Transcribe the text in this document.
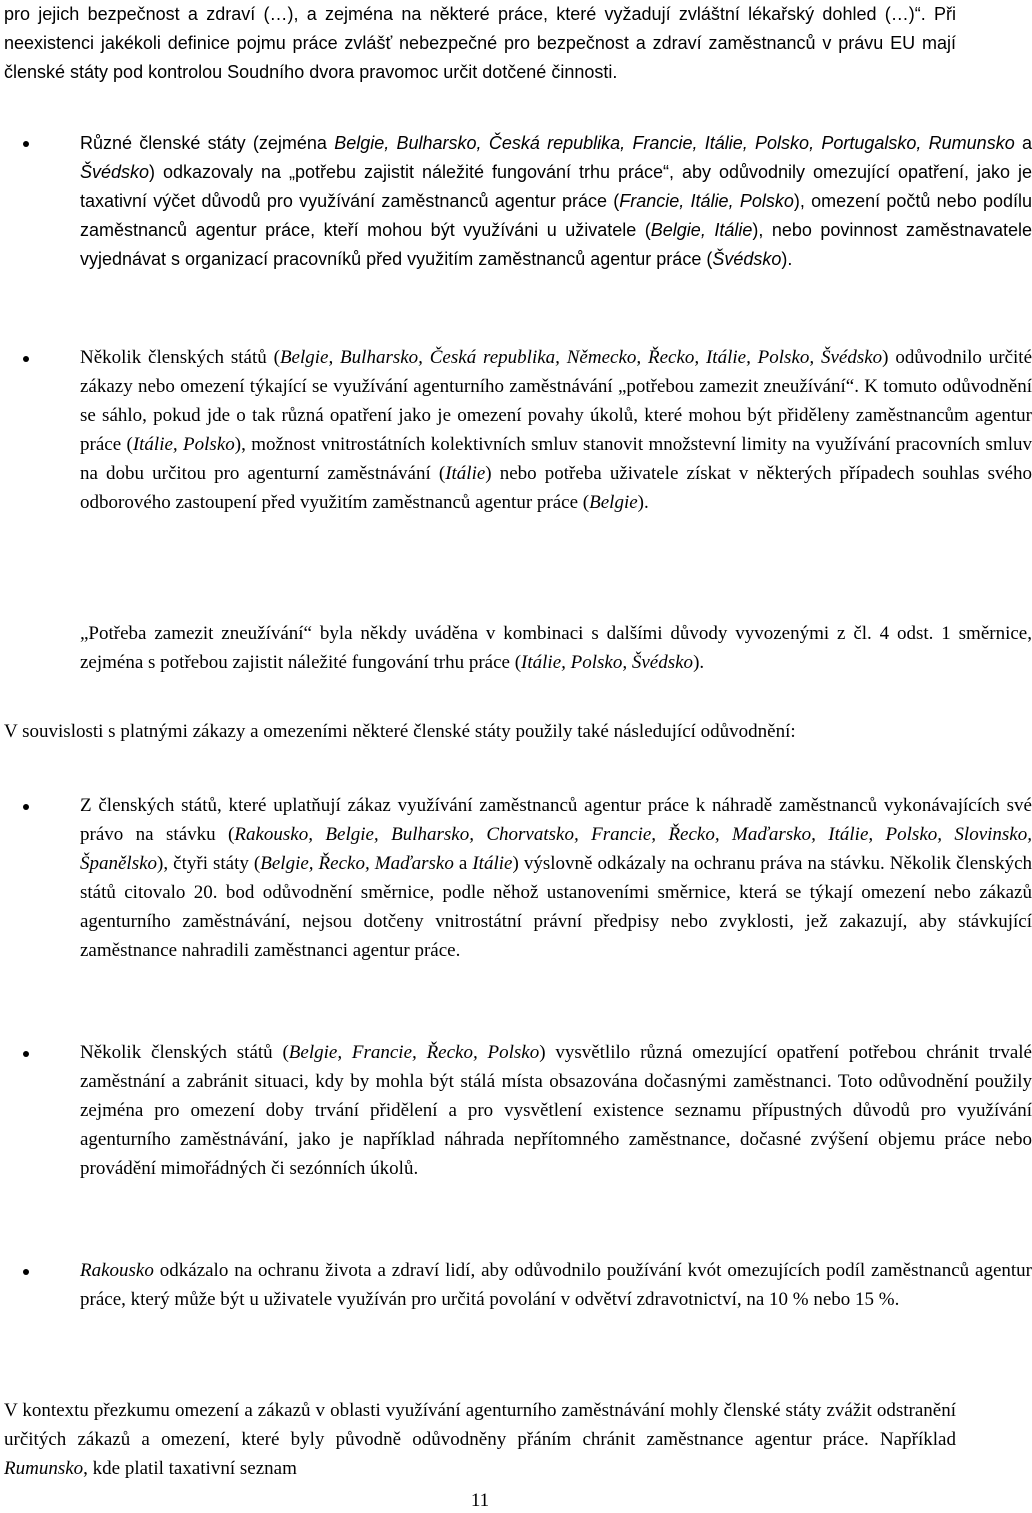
pro jejich bezpečnost a zdraví (…), a zejména na některé práce, které vyžadují zvláštní lékařský dohled (…)“. Při neexistenci jakékoli definice pojmu práce zvlášť nebezpečné pro bezpečnost a zdraví zaměstnanců v právu EU mají členské státy pod kontrolou Soudního dvora pravomoc určit dotčené činnosti.

Různé členské státy (zejména Belgie, Bulharsko, Česká republika, Francie, Itálie, Polsko, Portugalsko, Rumunsko a Švédsko) odkazovaly na „potřebu zajistit náležité fungování trhu práce“, aby odůvodnily omezující opatření, jako je taxativní výčet důvodů pro využívání zaměstnanců agentur práce (Francie, Itálie, Polsko), omezení počtů nebo podílu zaměstnanců agentur práce, kteří mohou být využíváni u uživatele (Belgie, Itálie), nebo povinnost zaměstnavatele vyjednávat s organizací pracovníků před využitím zaměstnanců agentur práce (Švédsko).
Několik členských států (Belgie, Bulharsko, Česká republika, Německo, Řecko, Itálie, Polsko, Švédsko) odůvodnilo určité zákazy nebo omezení týkající se využívání agenturního zaměstnávání „potřebou zamezit zneužívání“. K tomuto odůvodnění se sáhlo, pokud jde o tak různá opatření jako je omezení povahy úkolů, které mohou být přiděleny zaměstnancům agentur práce (Itálie, Polsko), možnost vnitrostátních kolektivních smluv stanovit množstevní limity na využívání pracovních smluv na dobu určitou pro agenturní zaměstnávání (Itálie) nebo potřeba uživatele získat v některých případech souhlas svého odborového zastoupení před využitím zaměstnanců agentur práce (Belgie).
„Potřeba zamezit zneužívání“ byla někdy uváděna v kombinaci s dalšími důvody vyvozenými z čl. 4 odst. 1 směrnice, zejména s potřebou zajistit náležité fungování trhu práce (Itálie, Polsko, Švédsko).

V souvislosti s platnými zákazy a omezeními některé členské státy použily také následující odůvodnění:

Z členských států, které uplatňují zákaz využívání zaměstnanců agentur práce k náhradě zaměstnanců vykonávajících své právo na stávku (Rakousko, Belgie, Bulharsko, Chorvatsko, Francie, Řecko, Maďarsko, Itálie, Polsko, Slovinsko, Španělsko), čtyři státy (Belgie, Řecko, Maďarsko a Itálie) výslovně odkázaly na ochranu práva na stávku. Několik členských států citovalo 20. bod odůvodnění směrnice, podle něhož ustanoveními směrnice, která se týkají omezení nebo zákazů agenturního zaměstnávání, nejsou dotčeny vnitrostátní právní předpisy nebo zvyklosti, jež zakazují, aby stávkující zaměstnance nahradili zaměstnanci agentur práce.
Několik členských států (Belgie, Francie, Řecko, Polsko) vysvětlilo různá omezující opatření potřebou chránit trvalé zaměstnání a zabránit situaci, kdy by mohla být stálá místa obsazována dočasnými zaměstnanci. Toto odůvodnění použily zejména pro omezení doby trvání přidělení a pro vysvětlení existence seznamu přípustných důvodů pro využívání agenturního zaměstnávání, jako je například náhrada nepřítomného zaměstnance, dočasné zvýšení objemu práce nebo provádění mimořádných či sezónních úkolů.
Rakousko odkázalo na ochranu života a zdraví lidí, aby odůvodnilo používání kvót omezujících podíl zaměstnanců agentur práce, který může být u uživatele využíván pro určitá povolání v odvětví zdravotnictví, na 10 % nebo 15 %.

V kontextu přezkumu omezení a zákazů v oblasti využívání agenturního zaměstnávání mohly členské státy zvážit odstranění určitých zákazů a omezení, které byly původně odůvodněny přáním chránit zaměstnance agentur práce. Například Rumunsko, kde platil taxativní seznam

11
